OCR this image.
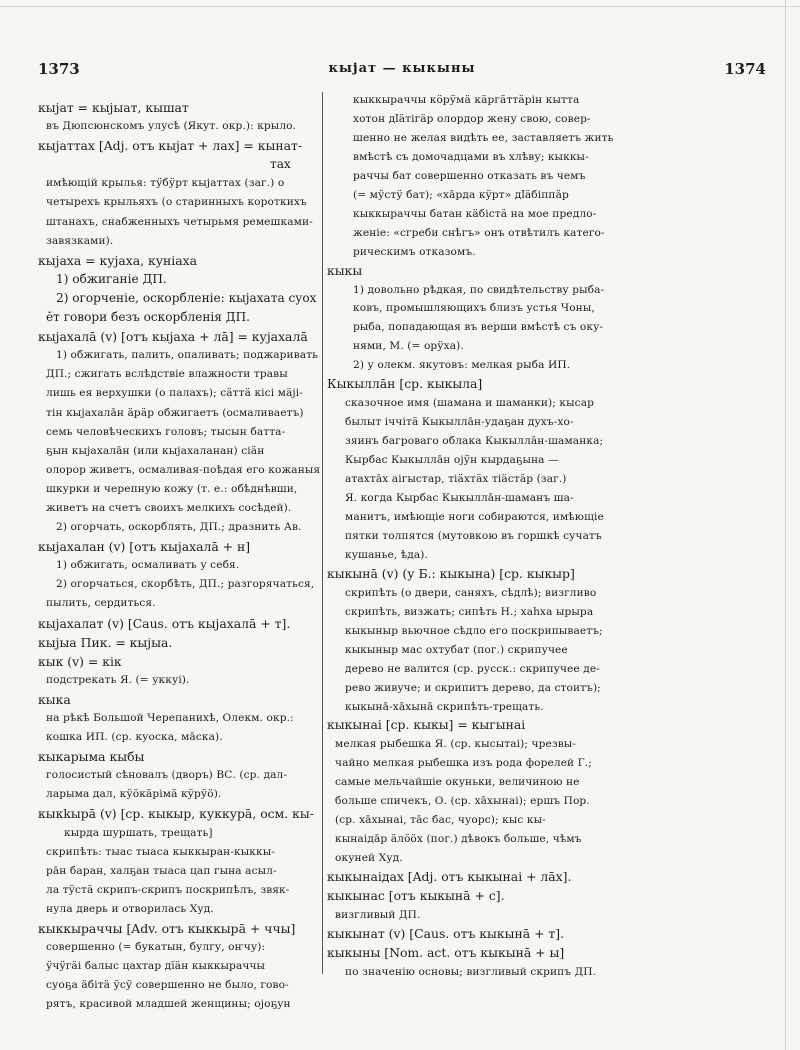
1373	кыјат — кыкыны	1374

кыјат = кыјыат, кышат

въ Дюпсюнскомъ улусѣ (Якут. окр.): крыло.

кыјаттах [Adj. отъ кыјат + лах] = кынат-

тах

имѣющій крылья: тӱбӱрт кыјаттах (заг.) о

четырехъ крыльяхъ (о старинныхъ короткихъ

штанахъ, снабженныхъ четырьмя ремешками-

завязками).

кыјаха = кујаха, куніаха

1) обжиганіе ДП.

2) огорченіе, оскорбленіе: кыјахата суох

ӗт говори безъ оскорбленія ДП.

кыјахалā (v) [отъ кыјаха + лā] = кујахалā

1) обжигать, палить, опаливать; поджаривать

ДП.; сжигать вслѣдствіе влажности травы

лишь ея верхушки (о палахъ); сӓттӓ кісі мӓјі-

тін кыјахалāн ӓрӓр обжигаетъ (осмаливаетъ)

семь человѣческихъ головъ; тысын батта-

ҕын кыјахалāн (или кыјахаланан) сіӓн

олорор живетъ, осмаливая-поѣдая его кожаныя

шкурки и черепную кожу (т. е.: обѣднѣвши,

живетъ на счетъ своихъ мелкихъ сосѣдей).

2) огорчать, оскорблять, ДП.; дразнить Ав.

кыјахалан (v) [отъ кыјахалā + н]

1) обжигать, осмаливать у себя.

2) огорчаться, скорбѣть, ДП.; разгорячаться,

пылить, сердиться.

кыјахалат (v) [Caus. отъ кыјахалā + т].

кыјыа Пик. = кыјыа.

кык (v) = кік

подстрекать Я. (= уккуі).

кыка

на рѣкѣ Большой Черепанихѣ, Олекм. окр.:

кошка ИП. (ср. куоска, мāска).

кыкарыма кыбы

голосистый сѣновалъ (дворъ) ВС. (ср. дал-

ларыма дал, кӱӧкӓрімӓ кӱрӱӧ).

кыкkырā (v) [ср. кыкыр, куккурā, осм. кы-

кырда шуршать, трещать]

скрипѣть: тыас тыаса кыккыран-кыккы-

рāн баран, халҕан тыаса цап гына асыл-

ла тӱстӓ скрипъ-скрипъ поскрипѣлъ, звяк-

нула дверь и отворилась Худ.

кыккыраччы [Adv. отъ кыккырā + ччы]

совершенно (= букатын, булгу, оҥчу):

ӱчӱгӓі балыс цахтар дїӓн кыккыраччы

суоҕа ӓбітӓ ӱсӱ совершенно не было, гово-

рятъ, красивой младшей женщины; ојоҕун

кыккыраччы кӧрӱмӓ кӓргӓттӓрін кытта

хотон дӏӓтігӓр олордор жену свою, совер-

шенно не желая видѣть ее, заставляетъ жить

вмѣстѣ съ домочадцами въ хлѣву; кыккы-

раччы бат совершенно отказать въ чемъ

(= мӱстӱ бат); «хāрда кӱрт» дӏӓбіппӓр

кыккыраччы батан кӓбістӓ на мое предло-

женіе: «сгреби снѣгъ» онъ отвѣтилъ катего-

рическимъ отказомъ.

кыкы

1) довольно рѣдкая, по свидѣтельству рыба-

ковъ, промышляющихъ близъ устья Чоны,

рыба, попадающая въ верши вмѣстѣ съ оку-

нями, М. (= орӱха).

2) у олекм. якутовъ: мелкая рыба ИП.

Кыкыллāн [ср. кыкыла]

сказочное имя (шамана и шаманки); кыcар

былыт іччітӓ Кыкыллāн-удаҕан духъ-хо-

зяинъ багроваго облака Кыкыллāн-шаманка;

Кырбас Кыкыллāн ојӱн кырдаҕына —

атахтāх аігыстар, тіӓхтӓх тіӓстӓр (заг.)

Я. когда Кырбас Кыкыллāн-шаманъ ша-

манитъ, имѣющіе ноги собираются, имѣющіе

пятки толпятся (мутовкою въ горшкѣ сучатъ

кушанье, ѣда).

кыкынā (v) (у Б.: кыкына) [ср. кыкыр]

скрипѣть (о двери, саняхъ, сѣдлѣ); визгливо

скрипѣть, визжать; сипѣть Н.; хаһха ырыра

кыкыныр вьючное сѣдло его поскрипываетъ;

кыкыныр мас охтубат (пог.) скрипучее

дерево не валится (ср. русск.: скрипучее де-

рево живуче; и скрипитъ дерево, да стоитъ);

кыкынā-хāхынā скрипѣть-трещать.

кыкынаі [ср. кыкы] = кыгынаі

мелкая рыбешка Я. (ср. кыcытаі); чрезвы-

чайно мелкая рыбешка изъ рода форелей Г.;

самые мельчайшіе окуньки, величиною не

больше спичекъ, О. (ср. хāхынаі); ершъ Пор.

(ср. хāхынаі, тāс бас, чуорс); кыс кы-

кынаідāр ӓлӧӧх (пог.) дѣвокъ больше, чѣмъ

окуней Худ.

кыкынаідах [Adj. отъ кыкынаі + лāх].

кыкынас [отъ кыкынā + с].

визгливый ДП.

кыкынат (v) [Caus. отъ кыкынā + т].

кыкыны [Nom. act. отъ кыкынā + ы]

по значенію основы; визгливый скрипъ ДП.
